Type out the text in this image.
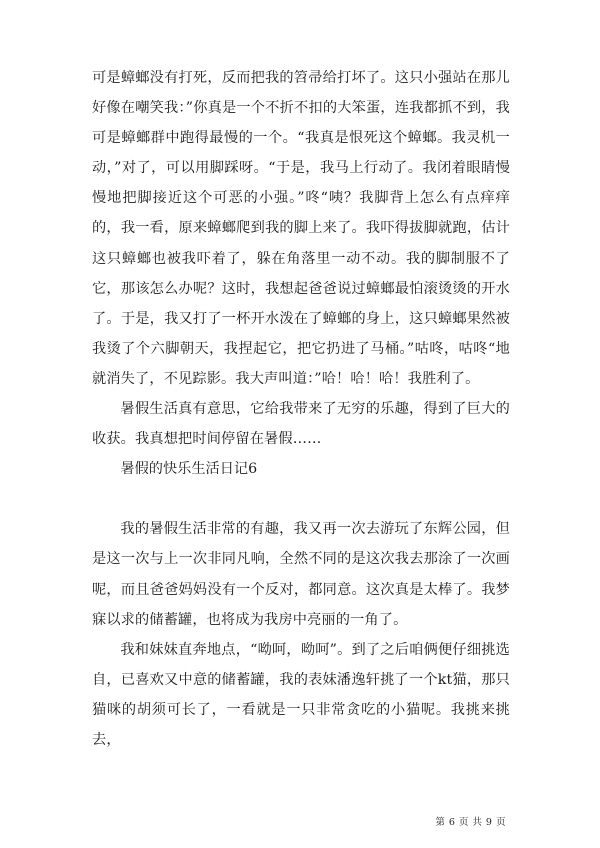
可是蟑螂没有打死，反而把我的笤帚给打坏了。这只小强站在那儿好像在嘲笑我：”你真是一个不折不扣的大笨蛋，连我都抓不到，我可是蟑螂群中跑得最慢的一个。“我真是恨死这个蟑螂。我灵机一动，”对了，可以用脚踩呀。“于是，我马上行动了。我闭着眼睛慢慢地把脚接近这个可恶的小强。”咚“咦？我脚背上怎么有点痒痒的，我一看，原来蟑螂爬到我的脚上来了。我吓得拔脚就跑，估计这只蟑螂也被我吓着了，躲在角落里一动不动。我的脚制服不了它，那该怎么办呢？这时，我想起爸爸说过蟑螂最怕滚烫烫的开水了。于是，我又打了一杯开水泼在了蟑螂的身上，这只蟑螂果然被我烫了个六脚朝天，我捏起它，把它扔进了马桶。”咕咚，咕咚“地就消失了，不见踪影。我大声叫道：”哈！哈！哈！我胜利了。

暑假生活真有意思，它给我带来了无穷的乐趣，得到了巨大的收获。我真想把时间停留在暑假……

暑假的快乐生活日记6

我的暑假生活非常的有趣，我又再一次去游玩了东辉公园，但是这一次与上一次非同凡响，全然不同的是这次我去那涂了一次画呢，而且爸爸妈妈没有一个反对，都同意。这次真是太棒了。我梦寐以求的储蓄罐，也将成为我房中亮丽的一角了。

我和妹妹直奔地点，“呦呵，呦呵”。到了之后咱俩便仔细挑选自，已喜欢又中意的储蓄罐，我的表妹潘逸轩挑了一个kt猫，那只猫咪的胡须可长了，一看就是一只非常贪吃的小猫呢。我挑来挑去，

第 6 页 共 9 页
